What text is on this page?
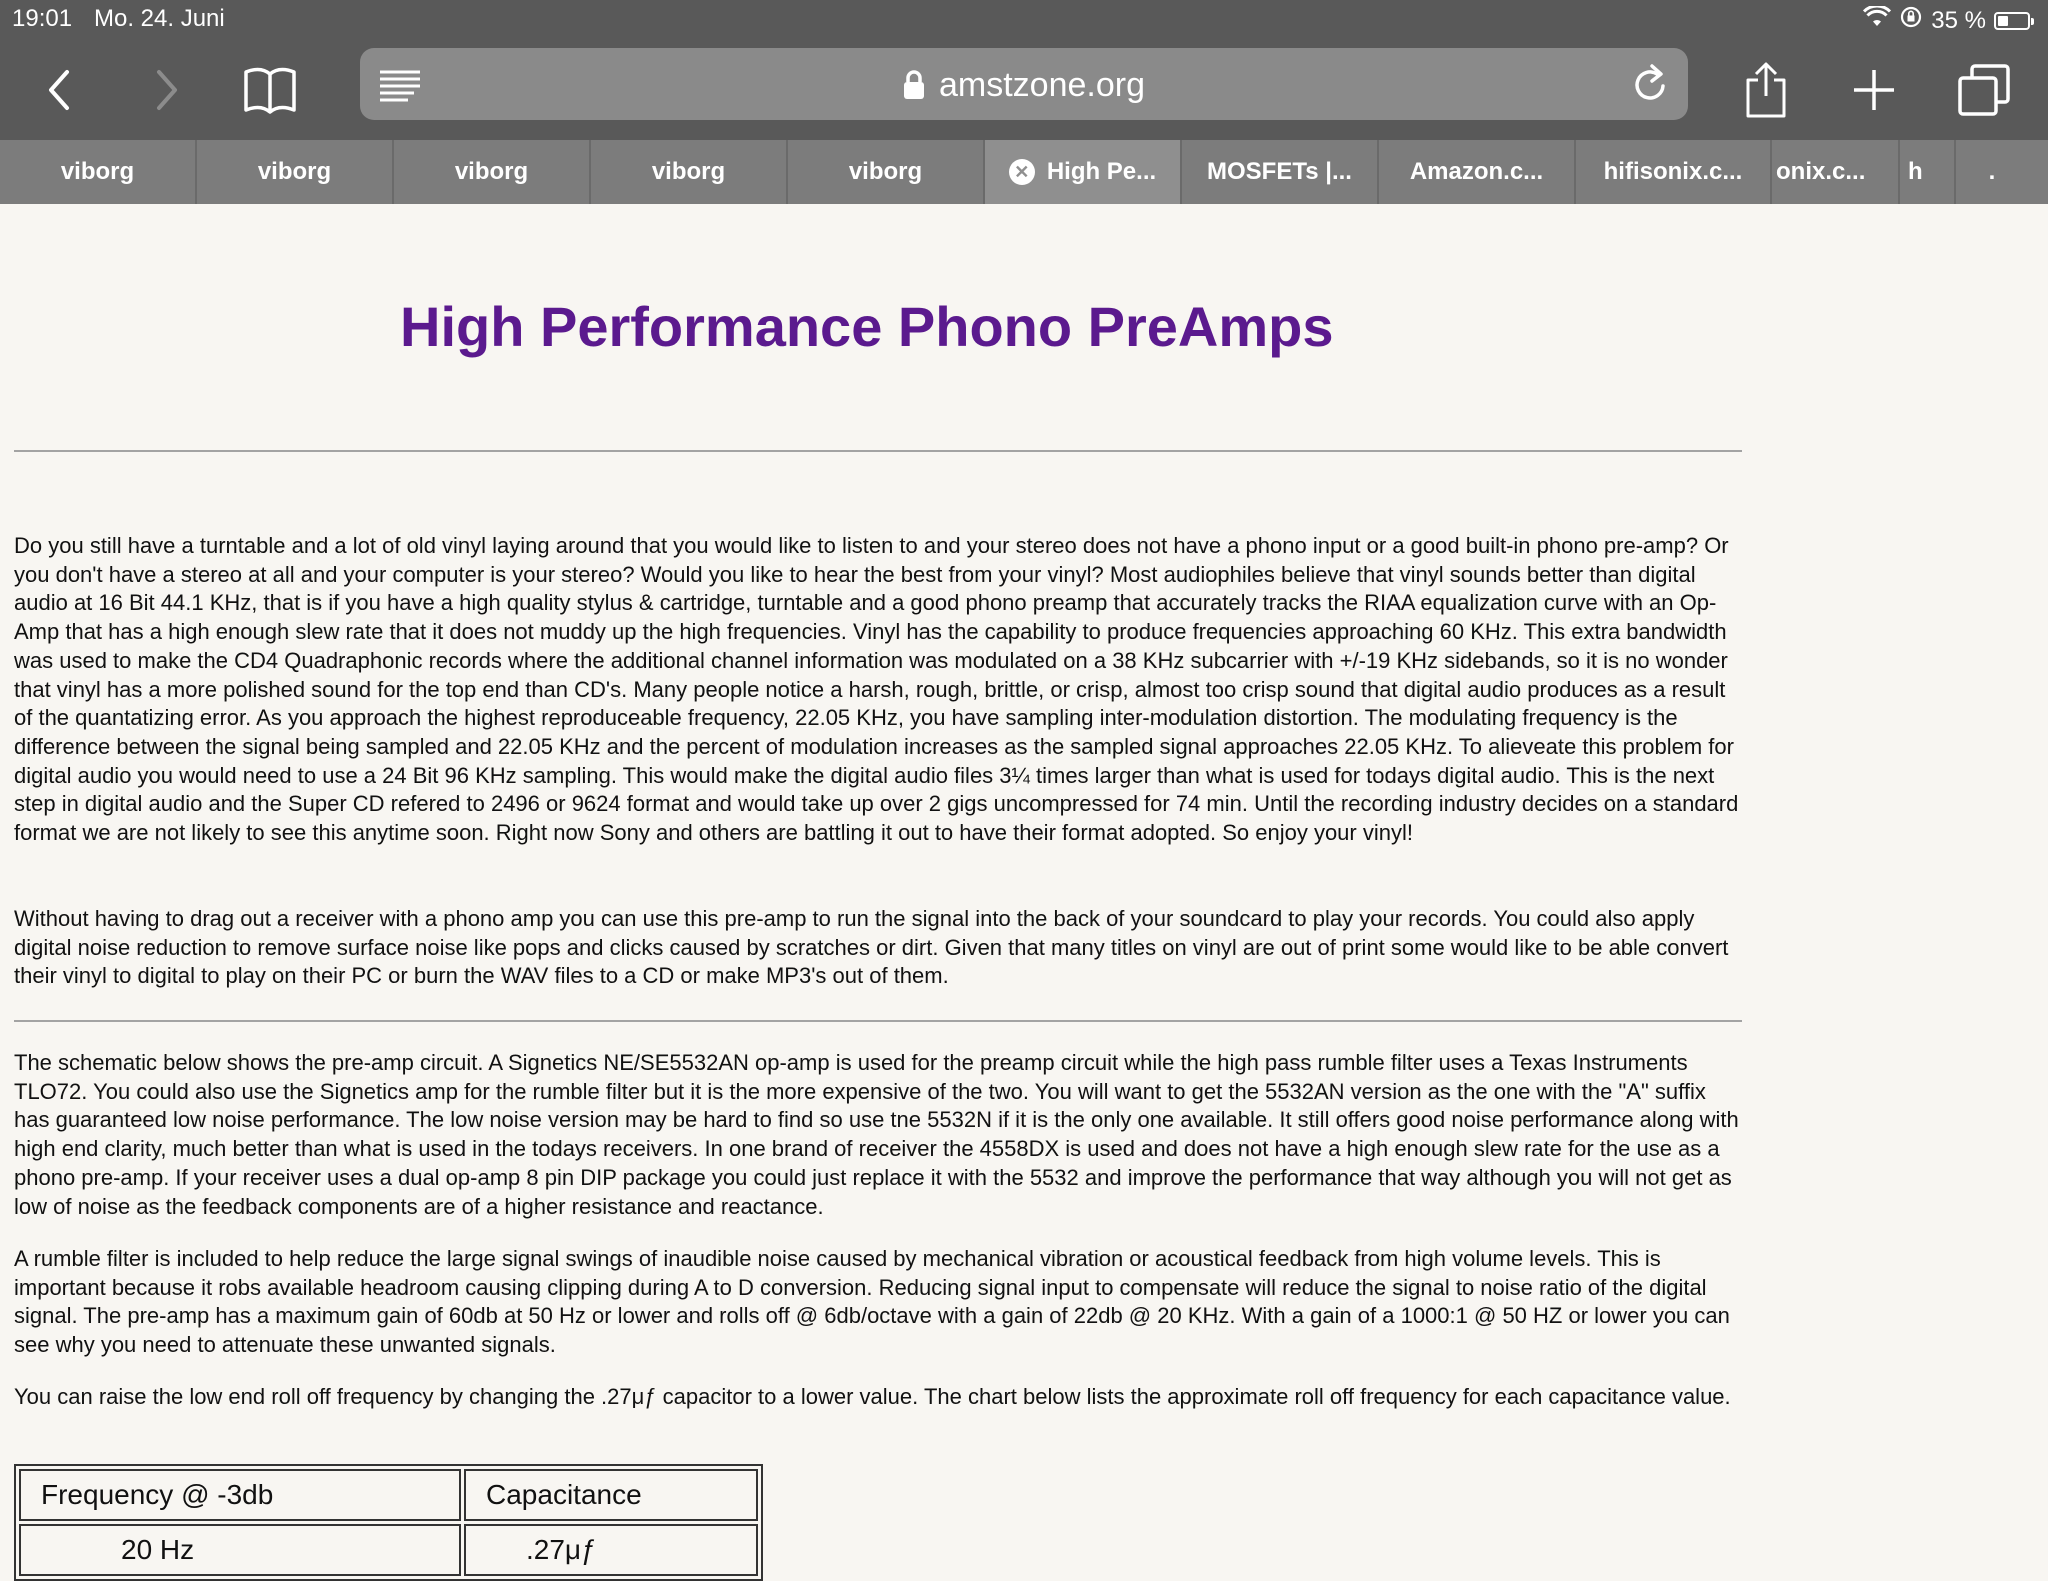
19:01 Mo. 24. Juni	35 %
amstzone.org
viborg	viborg	viborg	viborg	viborg	✕ High Pe... MOSFETs |... Amazon.c...	hifisonix.c... onix.c... h	.
High Performance Phono PreAmps

Do you still have a turntable and a lot of old vinyl laying around that you would like to listen to and your stereo does not have a phono input or a good built-in phono pre-amp? Or you don't have a stereo at all and your computer is your stereo? Would you like to hear the best from your vinyl? Most audiophiles believe that vinyl sounds better than digital audio at 16 Bit 44.1 KHz, that is if you have a high quality stylus & cartridge, turntable and a good phono preamp that accurately tracks the RIAA equalization curve with an Op-Amp that has a high enough slew rate that it does not muddy up the high frequencies. Vinyl has the capability to produce frequencies approaching 60 KHz. This extra bandwidth was used to make the CD4 Quadraphonic records where the additional channel information was modulated on a 38 KHz subcarrier with +/-19 KHz sidebands, so it is no wonder that vinyl has a more polished sound for the top end than CD's. Many people notice a harsh, rough, brittle, or crisp, almost too crisp sound that digital audio produces as a result of the quantatizing error. As you approach the highest reproduceable frequency, 22.05 KHz, you have sampling inter-modulation distortion. The modulating frequency is the difference between the signal being sampled and 22.05 KHz and the percent of modulation increases as the sampled signal approaches 22.05 KHz. To alieveate this problem for digital audio you would need to use a 24 Bit 96 KHz sampling. This would make the digital audio files 3¼ times larger than what is used for todays digital audio. This is the next step in digital audio and the Super CD refered to 2496 or 9624 format and would take up over 2 gigs uncompressed for 74 min. Until the recording industry decides on a standard format we are not likely to see this anytime soon. Right now Sony and others are battling it out to have their format adopted. So enjoy your vinyl!

Without having to drag out a receiver with a phono amp you can use this pre-amp to run the signal into the back of your soundcard to play your records. You could also apply digital noise reduction to remove surface noise like pops and clicks caused by scratches or dirt. Given that many titles on vinyl are out of print some would like to be able convert their vinyl to digital to play on their PC or burn the WAV files to a CD or make MP3's out of them.

The schematic below shows the pre-amp circuit. A Signetics NE/SE5532AN op-amp is used for the preamp circuit while the high pass rumble filter uses a Texas Instruments TLO72. You could also use the Signetics amp for the rumble filter but it is the more expensive of the two. You will want to get the 5532AN version as the one with the "A" suffix has guaranteed low noise performance. The low noise version may be hard to find so use tne 5532N if it is the only one available. It still offers good noise performance along with high end clarity, much better than what is used in the todays receivers. In one brand of receiver the 4558DX is used and does not have a high enough slew rate for the use as a phono pre-amp. If your receiver uses a dual op-amp 8 pin DIP package you could just replace it with the 5532 and improve the performance that way although you will not get as low of noise as the feedback components are of a higher resistance and reactance.

A rumble filter is included to help reduce the large signal swings of inaudible noise caused by mechanical vibration or acoustical feedback from high volume levels. This is important because it robs available headroom causing clipping during A to D conversion. Reducing signal input to compensate will reduce the signal to noise ratio of the digital signal. The pre-amp has a maximum gain of 60db at 50 Hz or lower and rolls off @ 6db/octave with a gain of 22db @ 20 KHz. With a gain of a 1000:1 @ 50 HZ or lower you can see why you need to attenuate these unwanted signals.

You can raise the low end roll off frequency by changing the .27μƒ capacitor to a lower value. The chart below lists the approximate roll off frequency for each capacitance value.

Frequency @ -3db	Capacitance
20 Hz	.27μƒ
